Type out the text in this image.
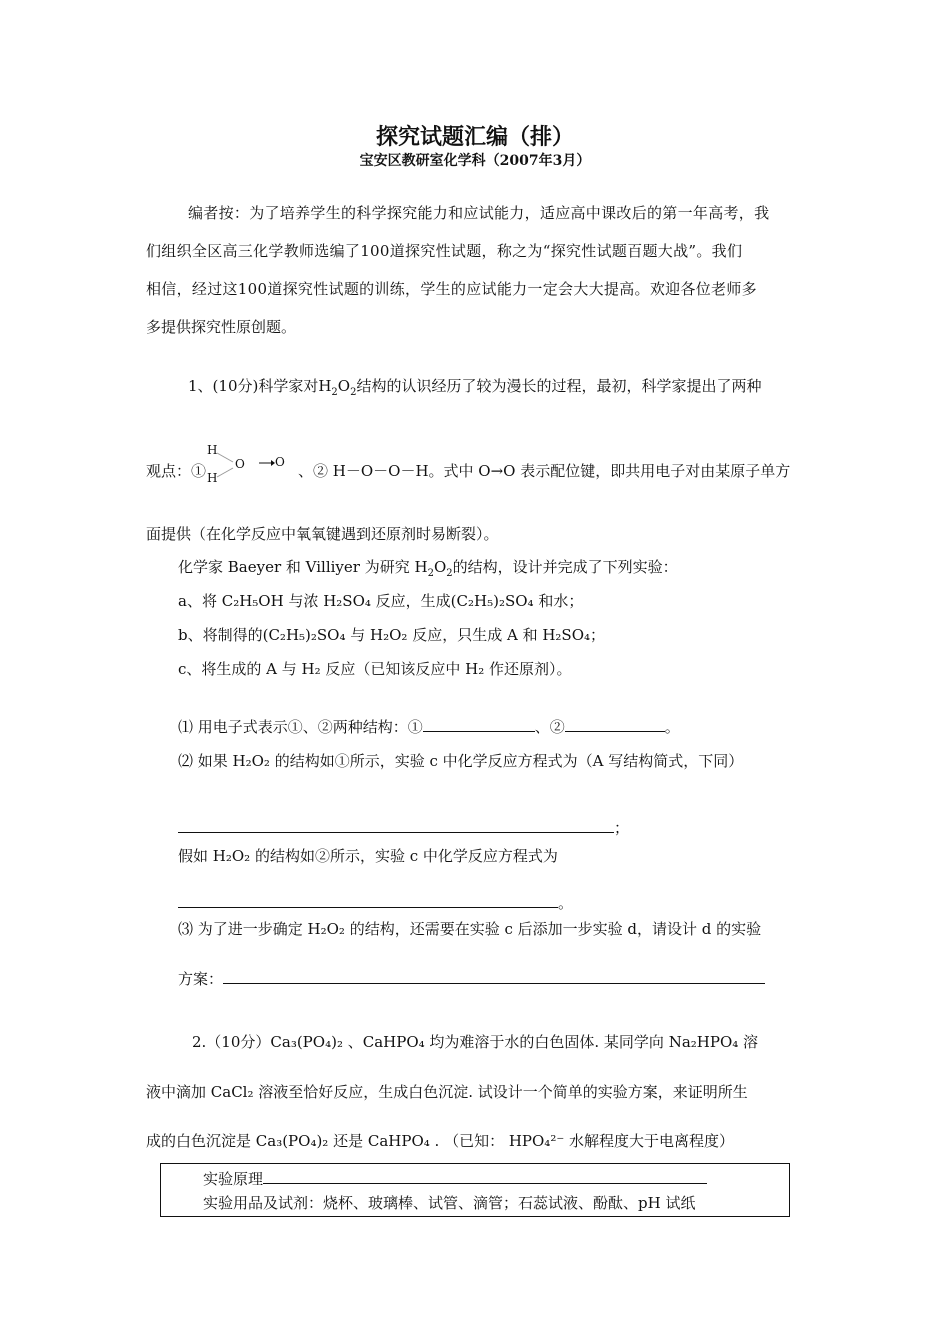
探究试题汇编（排）
宝安区教研室化学科（2007年3月）
编者按：为了培养学生的科学探究能力和应试能力，适应高中课改后的第一年高考，我
们组织全区高三化学教师选编了100道探究性试题，称之为“探究性试题百题大战”。我们
相信，经过这100道探究性试题的训练，学生的应试能力一定会大大提高。欢迎各位老师多
多提供探究性原创题。
1、(10分)科学家对$H_2O_2$结构的认识经历了较为漫长的过程，最初，科学家提出了两种
观点：①
H
H
O	O 、② H－O－O－H。式中 O→O 表示配位键，即共用电子对由某原子单方
面提供（在化学反应中氧氧键遇到还原剂时易断裂）。
化学家 Baeyer 和 Villiyer 为研究 $H_2O_2$的结构，设计并完成了下列实验：
a、将 C₂H₅OH 与浓 H₂SO₄ 反应，生成(C₂H₅)₂SO₄ 和水；
b、将制得的(C₂H₅)₂SO₄ 与 H₂O₂ 反应，只生成 A 和 H₂SO₄；
c、将生成的 A 与 H₂ 反应（已知该反应中 H₂ 作还原剂）。
⑴ 用电子式表示①、②两种结构：①	、②	。
⑵ 如果 H₂O₂ 的结构如①所示，实验 c 中化学反应方程式为（A 写结构简式，下同）
；
假如 H₂O₂ 的结构如②所示，实验 c 中化学反应方程式为
。
⑶ 为了进一步确定 H₂O₂ 的结构，还需要在实验 c 后添加一步实验 d，请设计 d 的实验
方案：
2.（10分）Ca₃(PO₄)₂ 、CaHPO₄ 均为难溶于水的白色固体. 某同学向 Na₂HPO₄ 溶
液中滴加 CaCl₂ 溶液至恰好反应，生成白色沉淀. 试设计一个简单的实验方案，来证明所生
成的白色沉淀是 Ca₃(PO₄)₂ 还是 CaHPO₄ . （已知： HPO₄²⁻ 水解程度大于电离程度）
实验原理
实验用品及试剂：烧杯、玻璃棒、试管、滴管；石蕊试液、酚酞、pH 试纸
